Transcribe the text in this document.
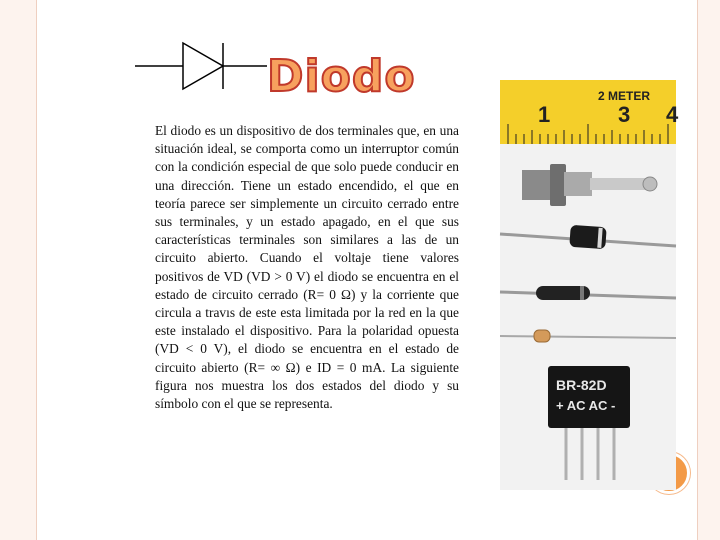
Diodo

El diodo es un dispositivo de dos terminales que, en una situación ideal, se comporta como un interruptor común con la condición especial de que solo puede conducir en una dirección. Tiene un estado encendido, el que en teoría parece ser simplemente un circuito cerrado entre sus terminales, y un estado apagado, en el que sus características terminales son similares a las de un circuito abierto. Cuando el voltaje tiene valores positivos de VD (VD > 0 V) el diodo se encuentra en el estado de circuito cerrado (R= 0 Ω) y la corriente que circula a travıs de este esta limitada por la red en la que este instalado el dispositivo. Para la polaridad opuesta (VD < 0 V), el diodo se encuentra en el estado de circuito abierto (R= ∞ Ω) e ID = 0 mA. La siguiente figura nos muestra los dos estados del diodo y su símbolo con el que se representa.

1	3 4
2 METER
BR-82D
+ AC AC -
